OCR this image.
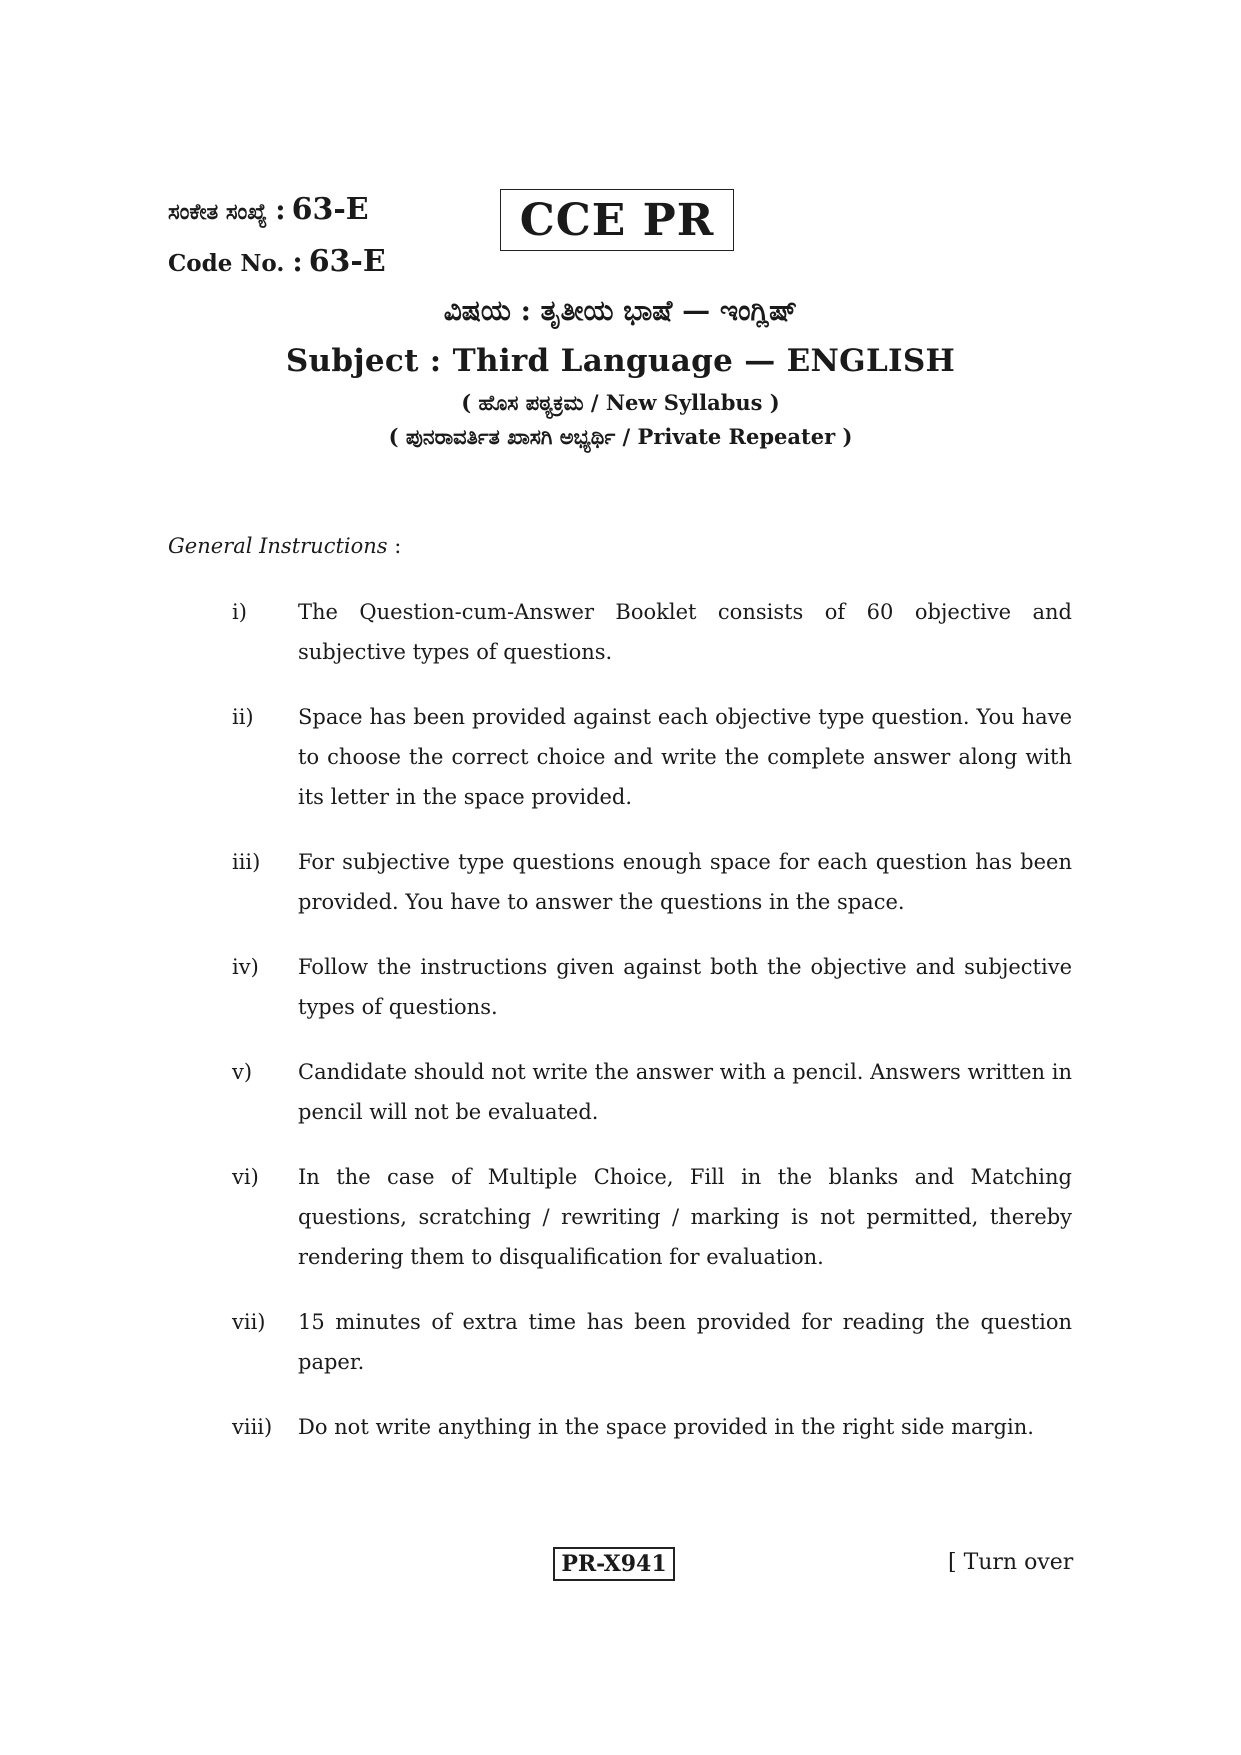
ಸಂಕೇತ ಸಂಖ್ಯೆ : 63-E
Code No. : 63-E
CCE PR
ವಿಷಯ : ತೃತೀಯ ಭಾಷೆ — ಇಂಗ್ಲಿಷ್
Subject : Third Language — ENGLISH
( ಹೊಸ ಪಠ್ಯಕ್ರಮ / New Syllabus )
( ಪುನರಾವರ್ತಿತ ಖಾಸಗಿ ಅಭ್ಯರ್ಥಿ / Private Repeater )
General Instructions :
i) The Question-cum-Answer Booklet consists of 60 objective and subjective types of questions.
ii) Space has been provided against each objective type question. You have to choose the correct choice and write the complete answer along with its letter in the space provided.
iii) For subjective type questions enough space for each question has been provided. You have to answer the questions in the space.
iv) Follow the instructions given against both the objective and subjective types of questions.
v) Candidate should not write the answer with a pencil. Answers written in pencil will not be evaluated.
vi) In the case of Multiple Choice, Fill in the blanks and Matching questions, scratching / rewriting / marking is not permitted, thereby rendering them to disqualification for evaluation.
vii) 15 minutes of extra time has been provided for reading the question paper.
viii) Do not write anything in the space provided in the right side margin.
PR-X941	[ Turn over
